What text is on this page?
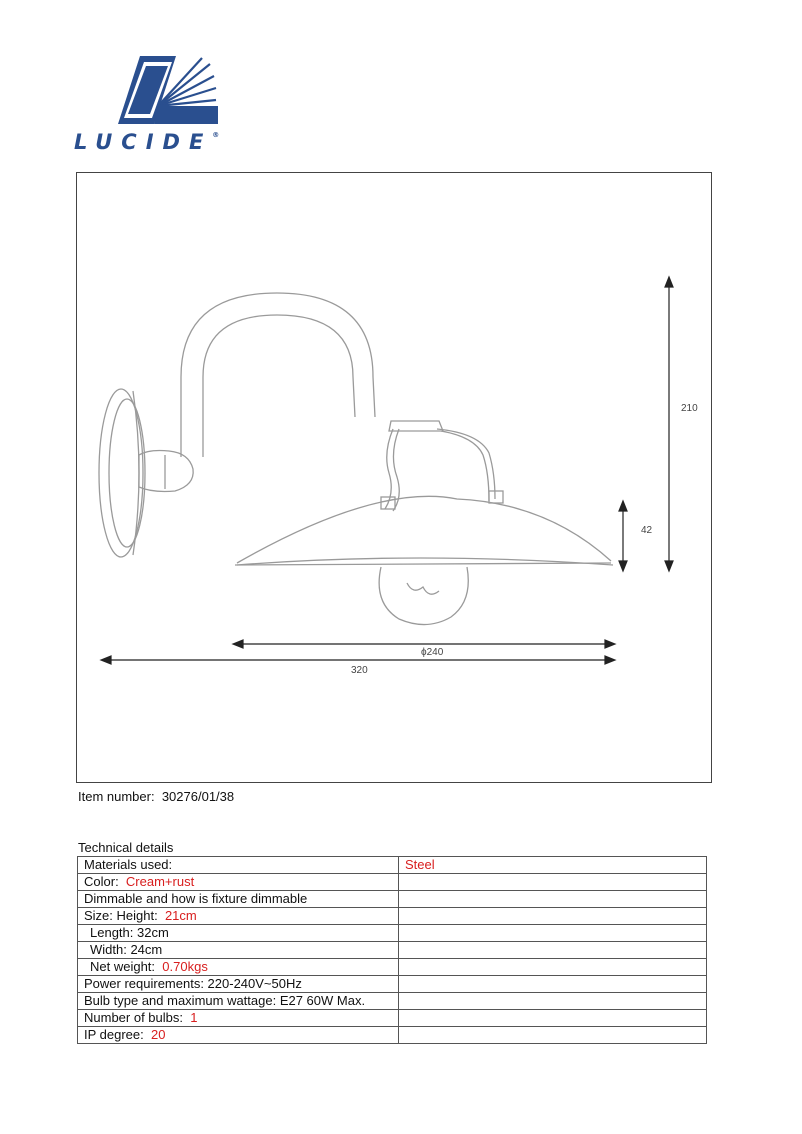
LUCIDE®
210
42
ϕ240
320
Item number: 30276/01/38
Technical details
Materials used:	Steel
Color: Cream+rust	
Dimmable and how is fixture dimmable	
Size: Height: 21cm	
Length: 32cm	
Width: 24cm	
Net weight: 0.70kgs	
Power requirements: 220-240V~50Hz	
Bulb type and maximum wattage: E27 60W Max.	
Number of bulbs: 1	
IP degree: 20	
